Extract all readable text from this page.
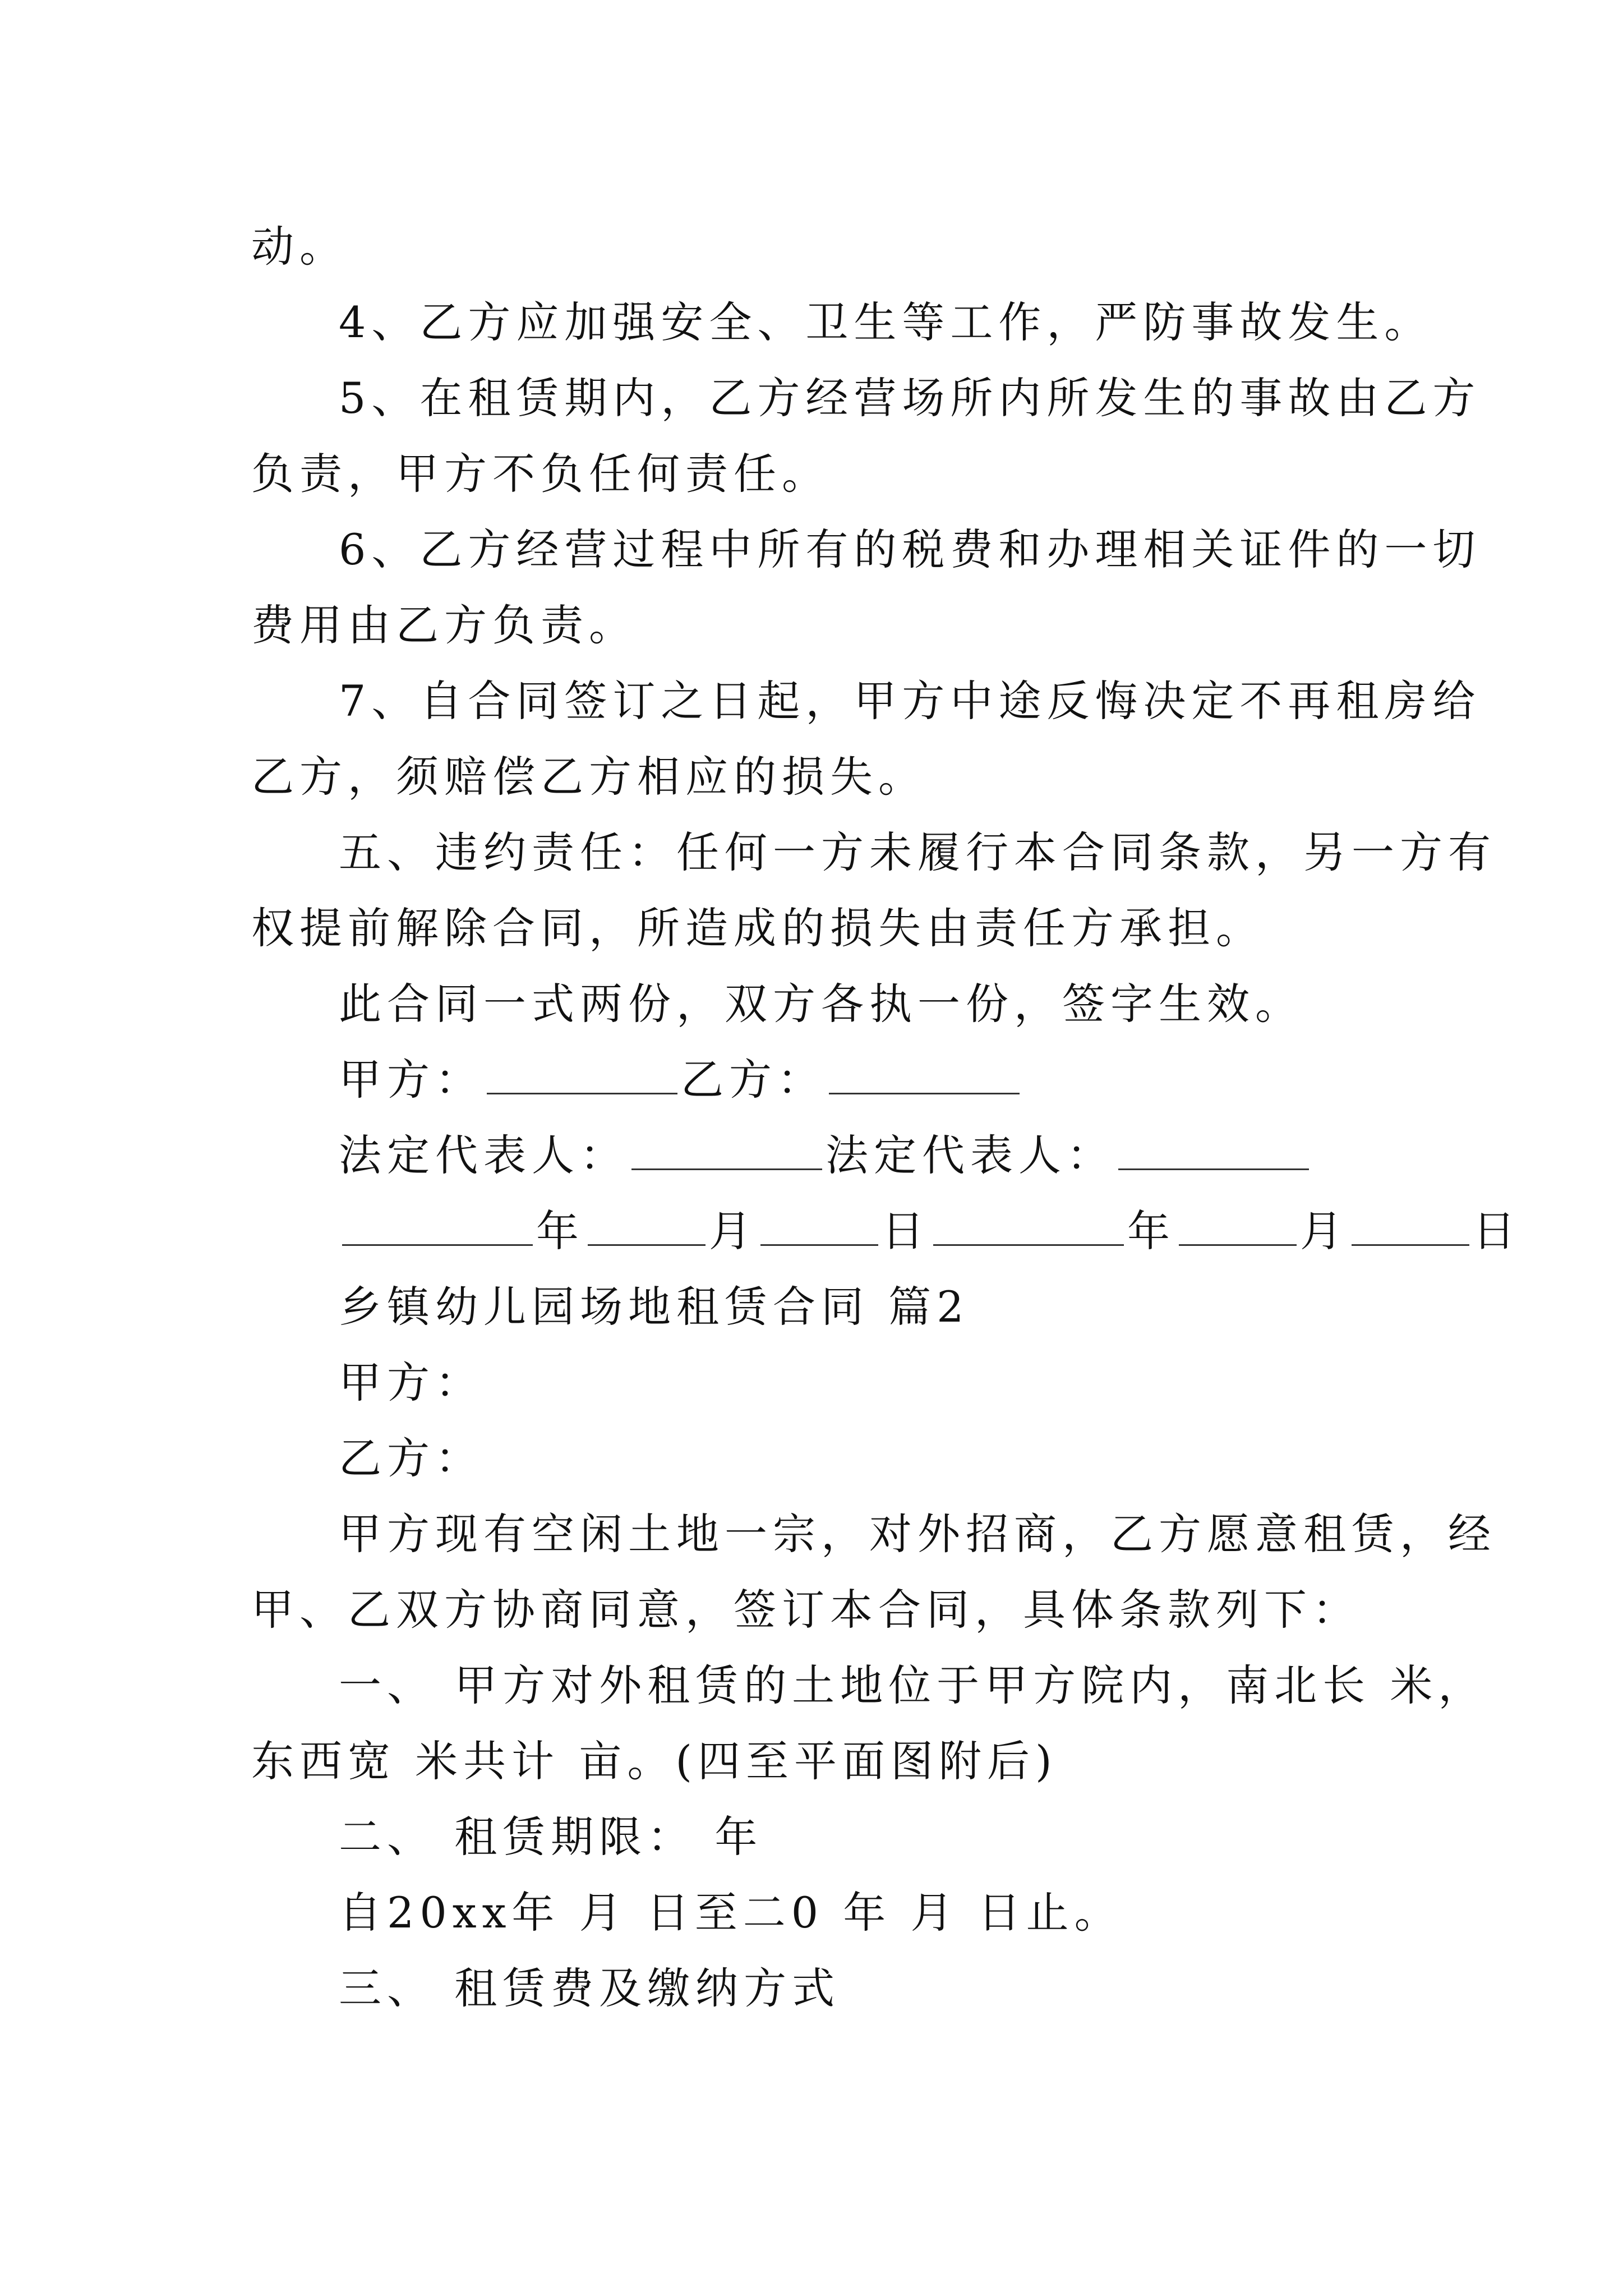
动。
4、乙方应加强安全、卫生等工作，严防事故发生。
5、在租赁期内，乙方经营场所内所发生的事故由乙方
负责，甲方不负任何责任。
6、乙方经营过程中所有的税费和办理相关证件的一切
费用由乙方负责。
7、自合同签订之日起，甲方中途反悔决定不再租房给
乙方，须赔偿乙方相应的损失。
五、违约责任：任何一方未履行本合同条款，另一方有
权提前解除合同，所造成的损失由责任方承担。
此合同一式两份，双方各执一份，签字生效。
甲方：	乙方：
法定代表人：	法定代表人：
年	月	日	年	月	日
乡镇幼儿园场地租赁合同 篇2
甲方：
乙方：
甲方现有空闲土地一宗，对外招商，乙方愿意租赁，经
甲、乙双方协商同意，签订本合同，具体条款列下：
一、 甲方对外租赁的土地位于甲方院内，南北长 米，
东西宽 米共计 亩。(四至平面图附后)
二、 租赁期限： 年
自20xx年 月 日至二0 年 月 日止。
三、 租赁费及缴纳方式
